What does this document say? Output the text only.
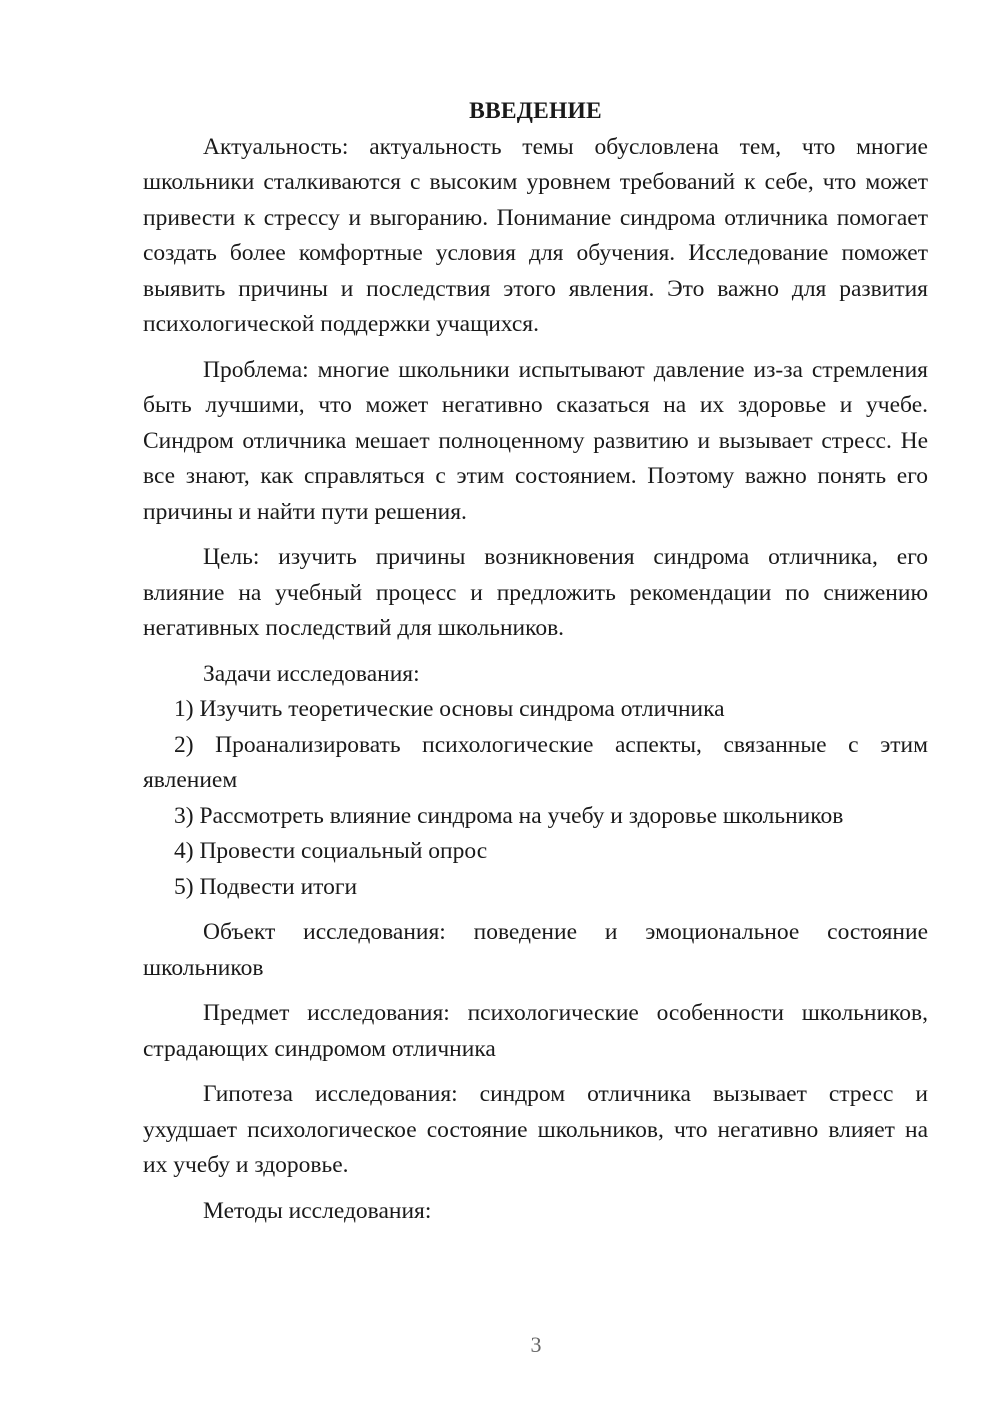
ВВЕДЕНИЕ

Актуальность: актуальность темы обусловлена тем, что многие школьники сталкиваются с высоким уровнем требований к себе, что может привести к стрессу и выгоранию. Понимание синдрома отличника помогает создать более комфортные условия для обучения. Исследование поможет выявить причины и последствия этого явления. Это важно для развития психологической поддержки учащихся.

Проблема: многие школьники испытывают давление из-за стремления быть лучшими, что может негативно сказаться на их здоровье и учебе. Синдром отличника мешает полноценному развитию и вызывает стресс. Не все знают, как справляться с этим состоянием. Поэтому важно понять его причины и найти пути решения.

Цель: изучить причины возникновения синдрома отличника, его влияние на учебный процесс и предложить рекомендации по снижению негативных последствий для школьников.

Задачи исследования:

1) Изучить теоретические основы синдрома отличника

2) Проанализировать психологические аспекты, связанные с этим явлением

3) Рассмотреть влияние синдрома на учебу и здоровье школьников

4) Провести социальный опрос

5) Подвести итоги

Объект исследования: поведение и эмоциональное состояние школьников

Предмет исследования: психологические особенности школьников, страдающих синдромом отличника

Гипотеза исследования: синдром отличника вызывает стресс и ухудшает психологическое состояние школьников, что негативно влияет на их учебу и здоровье.

Методы исследования:

3
